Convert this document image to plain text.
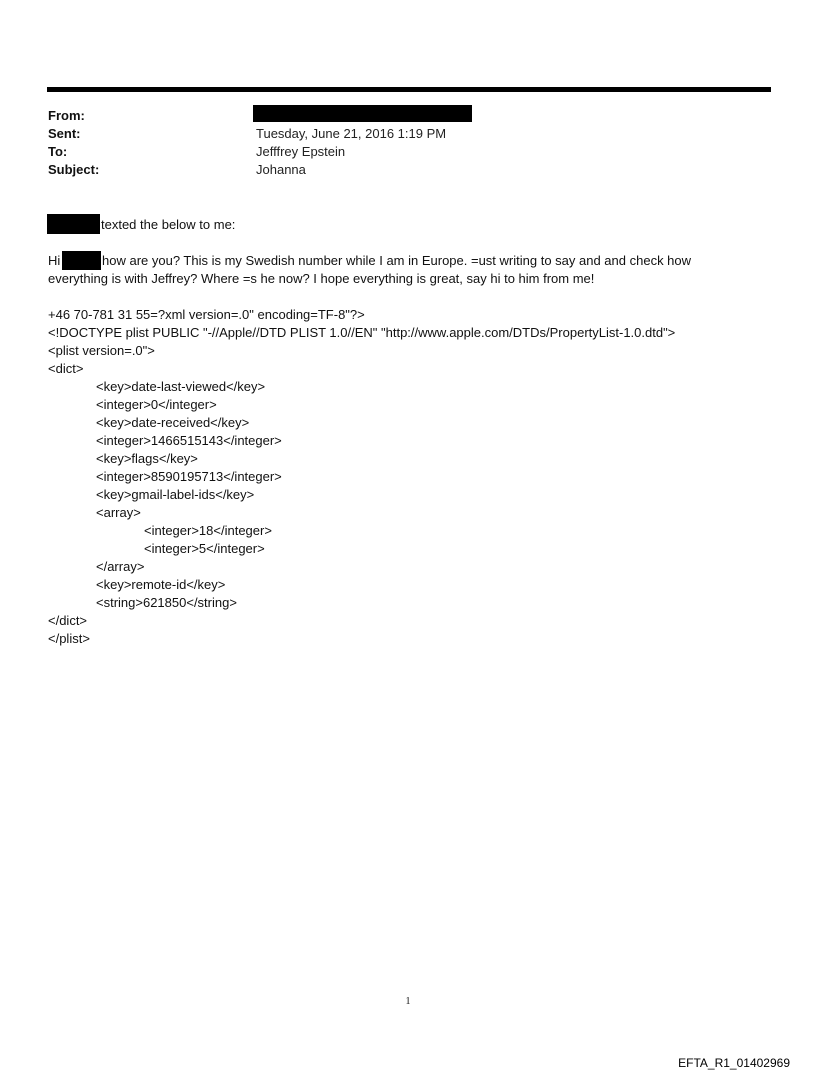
From:
Sent:	Tuesday, June 21, 2016 1:19 PM
To:	Jefffrey Epstein
Subject:	Johanna
texted the below to me:
Hi	how are you? This is my Swedish number while I am in Europe. =ust writing to say and and check how
everything is with Jeffrey? Where =s he now? I hope everything is great, say hi to him from me!
+46 70-781 31 55=?xml version=.0" encoding=TF-8"?>
<!DOCTYPE plist PUBLIC "-//Apple//DTD PLIST 1.0//EN" "http://www.apple.com/DTDs/PropertyList-1.0.dtd">
<plist version=.0">
<dict>
<key>date-last-viewed</key>
<integer>0</integer>
<key>date-received</key>
<integer>1466515143</integer>
<key>flags</key>
<integer>8590195713</integer>
<key>gmail-label-ids</key>
<array>
<integer>18</integer>
<integer>5</integer>
</array>
<key>remote-id</key>
<string>621850</string>
</dict>
</plist>
1
EFTA_R1_01402969
